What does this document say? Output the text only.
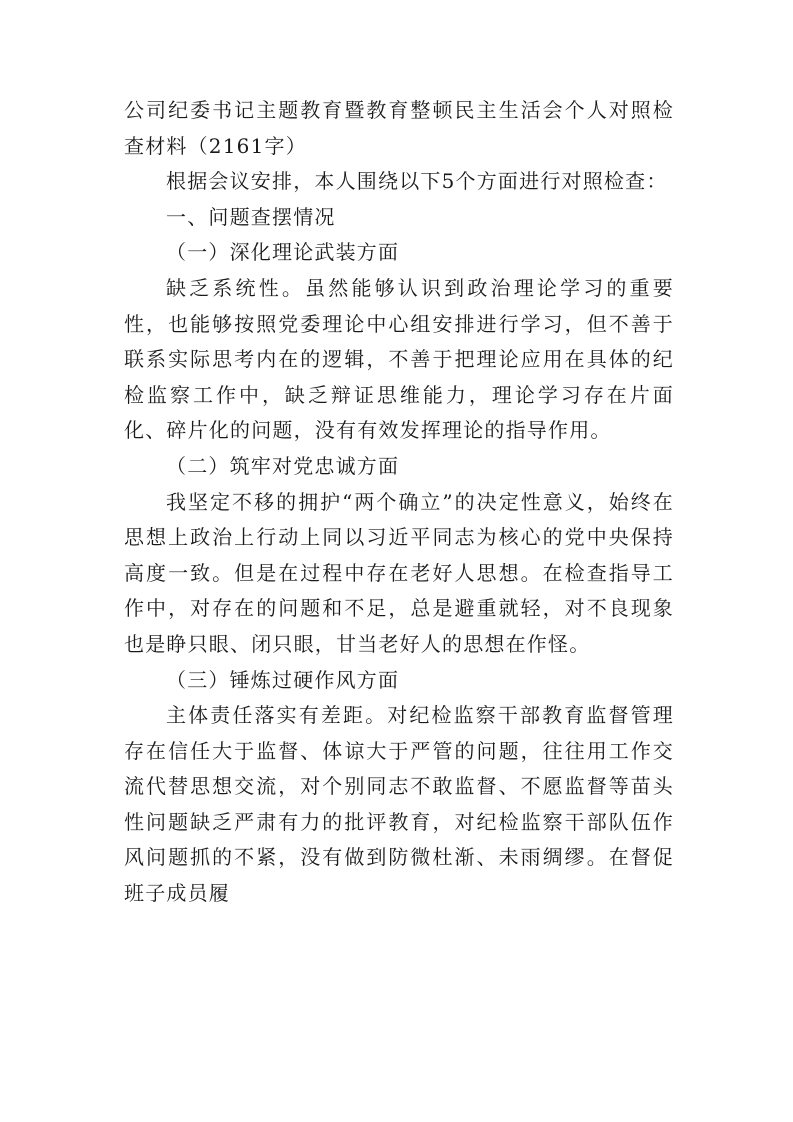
公司纪委书记主题教育暨教育整顿民主生活会个人对照检查材料（2161字）

根据会议安排，本人围绕以下5个方面进行对照检查：

一、问题查摆情况

（一）深化理论武装方面

缺乏系统性。虽然能够认识到政治理论学习的重要性，也能够按照党委理论中心组安排进行学习，但不善于联系实际思考内在的逻辑，不善于把理论应用在具体的纪检监察工作中，缺乏辩证思维能力，理论学习存在片面化、碎片化的问题，没有有效发挥理论的指导作用。

（二）筑牢对党忠诚方面

我坚定不移的拥护“两个确立”的决定性意义，始终在思想上政治上行动上同以习近平同志为核心的党中央保持高度一致。但是在过程中存在老好人思想。在检查指导工作中，对存在的问题和不足，总是避重就轻，对不良现象也是睁只眼、闭只眼，甘当老好人的思想在作怪。

（三）锤炼过硬作风方面

主体责任落实有差距。对纪检监察干部教育监督管理存在信任大于监督、体谅大于严管的问题，往往用工作交流代替思想交流，对个别同志不敢监督、不愿监督等苗头性问题缺乏严肃有力的批评教育，对纪检监察干部队伍作风问题抓的不紧，没有做到防微杜渐、未雨绸缪。在督促班子成员履
